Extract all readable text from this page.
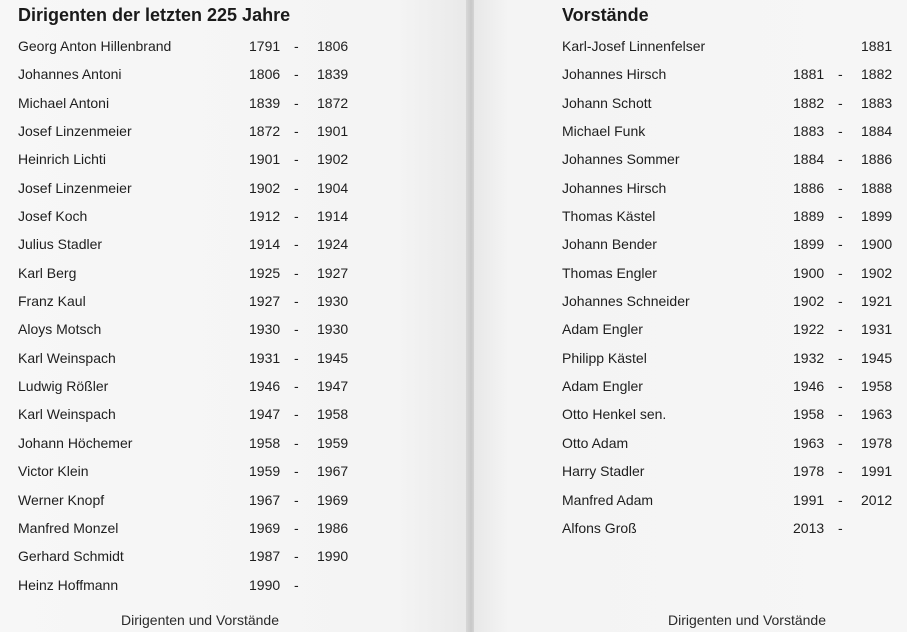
Dirigenten der letzten 225 Jahre
Georg Anton Hillenbrand	1791 - 1806
Johannes Antoni	1806 - 1839
Michael Antoni	1839 - 1872
Josef Linzenmeier	1872 - 1901
Heinrich Lichti	1901 - 1902
Josef Linzenmeier	1902 - 1904
Josef Koch	1912 - 1914
Julius Stadler	1914 - 1924
Karl Berg	1925 - 1927
Franz Kaul	1927 - 1930
Aloys Motsch	1930 - 1930
Karl Weinspach	1931 - 1945
Ludwig Rößler	1946 - 1947
Karl Weinspach	1947 - 1958
Johann Höchemer	1958 - 1959
Victor Klein	1959 - 1967
Werner Knopf	1967 - 1969
Manfred Monzel	1969 - 1986
Gerhard Schmidt	1987 - 1990
Heinz Hoffmann	1990 -
Dirigenten und Vorstände
Vorstände
Karl-Josef Linnenfelser	1881
Johannes Hirsch	1881 - 1882
Johann Schott	1882 - 1883
Michael Funk	1883 - 1884
Johannes Sommer	1884 - 1886
Johannes Hirsch	1886 - 1888
Thomas Kästel	1889 - 1899
Johann Bender	1899 - 1900
Thomas Engler	1900 - 1902
Johannes Schneider	1902 - 1921
Adam Engler	1922 - 1931
Philipp Kästel	1932 - 1945
Adam Engler	1946 - 1958
Otto Henkel sen.	1958 - 1963
Otto Adam	1963 - 1978
Harry Stadler	1978 - 1991
Manfred Adam	1991 - 2012
Alfons Groß	2013 -
Dirigenten und Vorstände
